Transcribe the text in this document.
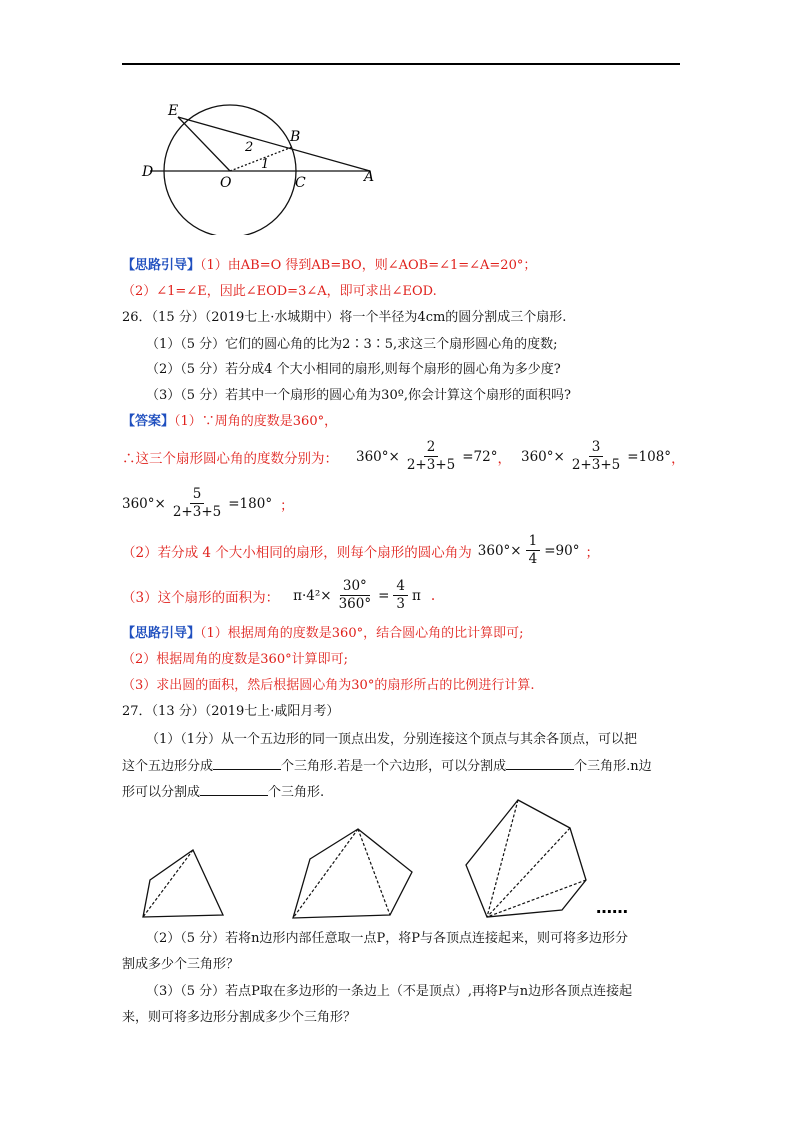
E
B
D
O	C	A
1
2
【思路引导】（1）由AB=O 得到AB=BO，则∠AOB=∠1=∠A=20°；
（2）∠1=∠E，因此∠EOD=3∠A，即可求出∠EOD.
26．（15 分）（2019七上·水城期中）将一个半径为4cm的圆分割成三个扇形.
（1）（5 分）它们的圆心角的比为2∶3∶5,求这三个扇形圆心角的度数;
（2）（5 分）若分成4 个大小相同的扇形,则每个扇形的圆心角为多少度?
（3）（5 分）若其中一个扇形的圆心角为30º,你会计算这个扇形的面积吗?
【答案】（1）∵周角的度数是360°，
∴这三个扇形圆心角的度数分别为： $360^\circ\times \frac{2}{2+3+5} =72^\circ$ ， $360^\circ\times \frac{3}{2+3+5} =108^\circ$ ，
$360^\circ\times \frac{5}{2+3+5} =180^\circ$ ；
（2）若分成 4 个大小相同的扇形，则每个扇形的圆心角为 $360^\circ\times \frac{1}{4} =90^\circ$ ；
（3）这个扇形的面积为： $\pi\cdot 4^2\times \frac{30^\circ}{360^\circ} = \frac{4}{3}$ π .
【思路引导】（1）根据周角的度数是360°，结合圆心角的比计算即可;
（2）根据周角的度数是360°计算即可;
（3）求出圆的面积，然后根据圆心角为30°的扇形所占的比例进行计算.
27．（13 分）（2019七上·咸阳月考）
（1）（1分）从一个五边形的同一顶点出发，分别连接这个顶点与其余各顶点，可以把
这个五边形分成	个三角形.若是一个六边形，可以分割成	个三角形.n边
形可以分割成	个三角形.
……
（2）（5 分）若将n边形内部任意取一点P，将P与各顶点连接起来，则可将多边形分
割成多少个三角形？
（3）（5 分）若点P取在多边形的一条边上（不是顶点）,再将P与n边形各顶点连接起
来，则可将多边形分割成多少个三角形？
